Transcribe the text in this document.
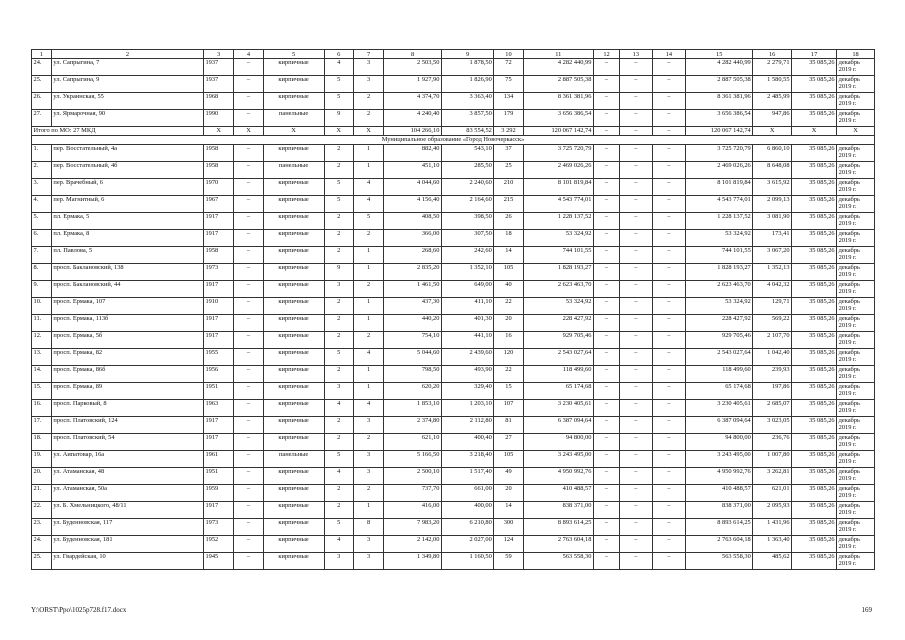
1	2	3	4	5	6	7	8	9	10	11	12	13	14	15	16	17	18
24.	ул. Сапрыгина, 7	1937	–	кирпичные	4	3	2 503,50	1 878,50	72	4 282 440,99	–	–	–	4 282 440,99	2 279,71	35 085,26	декабрь 2019 г.
25.	ул. Сапрыгина, 9	1937	–	кирпичные	5	3	1 927,90	1 826,90	75	2 887 505,38	–	–	–	2 887 505,38	1 580,55	35 085,26	декабрь 2019 г.
26.	ул. Украинская, 55	1968	–	кирпичные	5	2	4 374,70	3 363,40	134	8 361 381,96	–	–	–	8 361 381,96	2 485,99	35 085,26	декабрь 2019 г.
27.	ул. Ярмарочная, 90	1990	–	панельные	9	2	4 240,40	3 857,50	179	3 656 386,54	–	–	–	3 656 386,54	947,86	35 085,26	декабрь 2019 г.
Итого по МО: 27 МКД		X	X	X	X	X	104 266,10	83 554,52	3 292	120 067 142,74	–	–	–	120 067 142,74	X	X	X
Муниципальное образование «Город Новочеркасск»																	
1.	пер. Восстательный, 4а	1958	–	кирпичные	2	1	882,40	543,10	37	3 725 720,79	–	–	–	3 725 720,79	6 860,10	35 085,26	декабрь 2019 г.
2.	пер. Восстательный, 4б	1958	–	панельные	2	1	451,10	285,50	25	2 469 026,26	–	–	–	2 469 026,26	8 648,08	35 085,26	декабрь 2019 г.
3.	пер. Врачебный, 6	1970	–	кирпичные	5	4	4 044,60	2 240,60	210	8 101 819,84	–	–	–	8 101 819,84	3 615,92	35 085,26	декабрь 2019 г.
4.	пер. Магнитный, 6	1967	–	кирпичные	5	4	4 156,40	2 164,60	215	4 543 774,01	–	–	–	4 543 774,01	2 099,13	35 085,26	декабрь 2019 г.
5.	пл. Ермака, 5	1917	–	кирпичные	2	5	408,50	398,50	26	1 228 137,52	–	–	–	1 228 137,52	3 081,90	35 085,26	декабрь 2019 г.
6.	пл. Ермака, 8	1917	–	кирпичные	2	2	366,00	307,50	18	53 324,92	–	–	–	53 324,92	173,41	35 085,26	декабрь 2019 г.
7.	пл. Павлова, 5	1958	–	кирпичные	2	1	268,60	242,60	14	744 101,55	–	–	–	744 101,55	3 067,20	35 085,26	декабрь 2019 г.
8.	просп. Баклановский, 138	1973	–	кирпичные	9	1	2 835,20	1 352,10	105	1 828 193,27	–	–	–	1 828 193,27	1 352,13	35 085,26	декабрь 2019 г.
9.	просп. Баклановский, 44	1917	–	кирпичные	3	2	1 461,50	649,00	40	2 623 463,70	–	–	–	2 623 463,70	4 042,32	35 085,26	декабрь 2019 г.
10.	просп. Ермака, 107	1910	–	кирпичные	2	1	437,30	411,10	22	53 324,92	–	–	–	53 324,92	129,71	35 085,26	декабрь 2019 г.
11.	просп. Ермака, 113б	1917	–	кирпичные	2	1	440,20	401,30	20	228 427,92	–	–	–	228 427,92	569,22	35 085,26	декабрь 2019 г.
12.	просп. Ермака, 5б	1917	–	кирпичные	2	2	754,10	441,10	16	929 705,46	–	–	–	929 705,46	2 107,70	35 085,26	декабрь 2019 г.
13.	просп. Ермака, 82	1955	–	кирпичные	5	4	5 044,60	2 439,60	120	2 543 027,64	–	–	–	2 543 027,64	1 042,40	35 085,26	декабрь 2019 г.
14.	просп. Ермака, 86б	1956	–	кирпичные	2	1	798,50	493,90	22	118 499,60	–	–	–	118 499,60	239,93	35 085,26	декабрь 2019 г.
15.	просп. Ермака, 89	1951	–	кирпичные	3	1	620,20	329,40	15	65 174,68	–	–	–	65 174,68	197,86	35 085,26	декабрь 2019 г.
16.	просп. Парковый, 8	1963	–	кирпичные	4	4	1 853,10	1 203,10	107	3 230 405,61	–	–	–	3 230 405,61	2 685,07	35 085,26	декабрь 2019 г.
17.	просп. Платовский, 124	1917	–	кирпичные	2	3	2 374,80	2 112,80	81	6 387 094,64	–	–	–	6 387 094,64	3 023,05	35 085,26	декабрь 2019 г.
18.	просп. Платовский, 54	1917	–	кирпичные	2	2	621,10	400,40	27	94 800,00	–	–	–	94 800,00	236,76	35 085,26	декабрь 2019 г.
19.	ул. Аипатовар, 16а	1961	–	панельные	5	3	5 166,50	3 218,40	105	3 243 495,00	–	–	–	3 243 495,00	1 007,80	35 085,26	декабрь 2019 г.
20.	ул. Атаманская, 48	1951	–	кирпичные	4	3	2 500,10	1 517,40	49	4 950 992,76	–	–	–	4 950 992,76	3 262,81	35 085,26	декабрь 2019 г.
21.	ул. Атаманская, 50а	1959	–	кирпичные	2	2	737,70	661,00	20	410 488,57	–	–	–	410 488,57	621,01	35 085,26	декабрь 2019 г.
22.	ул. Б. Хмельницкого, 48/11	1917	–	кирпичные	2	1	416,00	400,00	14	838 371,00	–	–	–	838 371,00	2 095,93	35 085,26	декабрь 2019 г.
23.	ул. Буденновская, 117	1973	–	кирпичные	5	8	7 983,20	6 210,80	300	8 893 614,25	–	–	–	8 893 614,25	1 431,96	35 085,26	декабрь 2019 г.
24.	ул. Буденновская, 181	1952	–	кирпичные	4	3	2 142,00	2 027,00	124	2 763 604,18	–	–	–	2 763 604,18	1 363,40	35 085,26	декабрь 2019 г.
25.	ул. Гвардейская, 10	1945	–	кирпичные	3	3	1 349,80	1 160,50	59	563 558,30	–	–	–	563 558,30	485,62	35 085,26	декабрь 2019 г.
Y:\ORST\Ppo\1025p728.f17.docx	169
